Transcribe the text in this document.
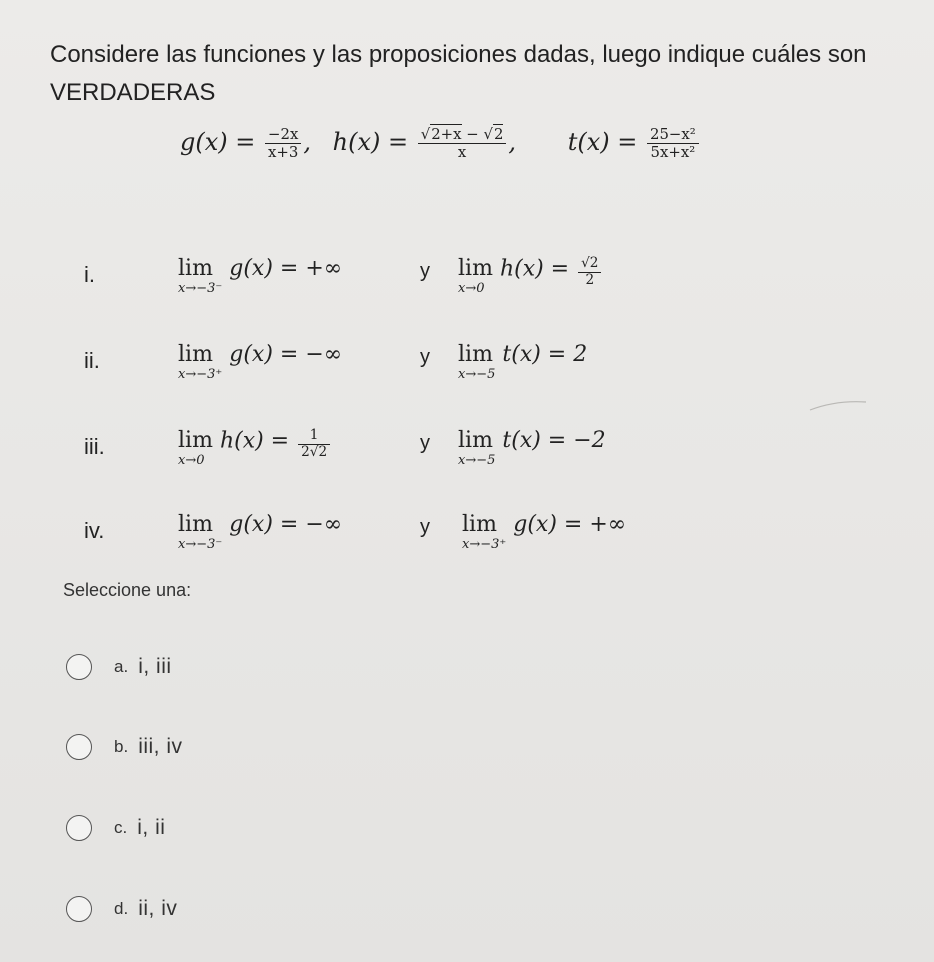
Considere las funciones y las proposiciones dadas, luego indique cuáles son VERDADERAS
$g(x) = \frac{-2x}{x+3}$ , $h(x) = \frac{√2+x - √2}{x}$ , $t(x) = \frac{\text{25−x²}}{\text{5x+x²}}$
i.	lim
x→−3⁻
g(x) = +∞	y lim
x→0
$h(x) = \frac{√2}{2}$
ii.	lim
x→−3⁺
g(x) = −∞	y lim
x→−5
t(x) = 2
iii.	lim
x→0
$h(x) = \frac{1}{2√2}$	y lim
x→−5
t(x) = −2
iv.	lim
x→−3⁻
g(x) = −∞	y lim
x→−3⁺
g(x) = +∞
Seleccione una:
a. i, iii
b. iii, iv
c. i, ii
d. ii, iv
